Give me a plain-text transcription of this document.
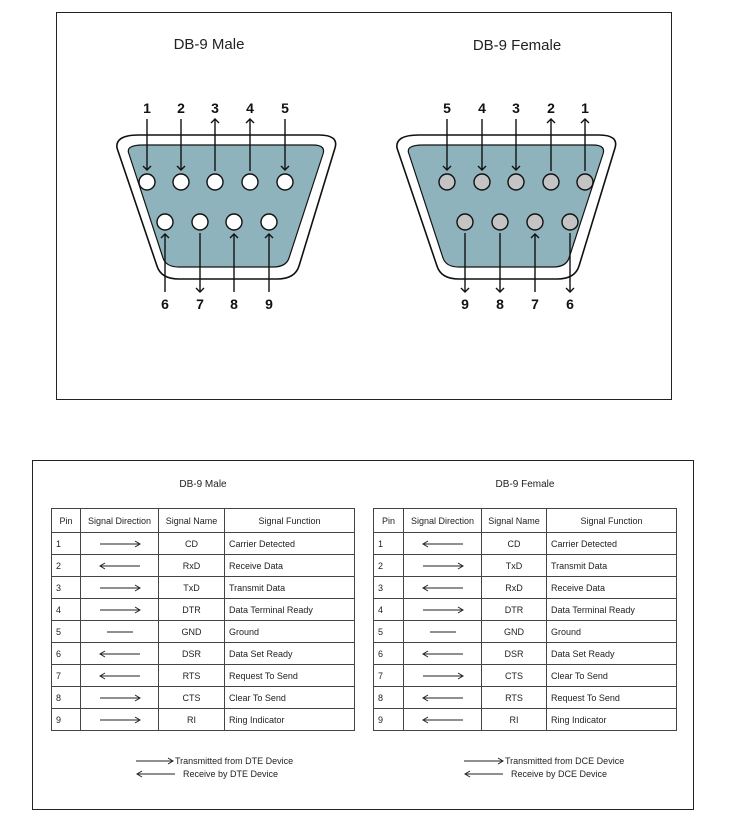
DB-9 Male	DB-9 Female
1 2 3 4 5
6 7 8 9
5 4 3 2 1
9 8 7 6
DB-9 Male
Pin	Signal Direction	Signal Name	Signal Function
1		CD	Carrier Detected
2		RxD	Receive Data
3		TxD	Transmit Data
4		DTR	Data Terminal Ready
5		GND	Ground
6		DSR	Data Set Ready
7		RTS	Request To Send
8		CTS	Clear To Send
9		RI	Ring Indicator
Transmitted from DTE Device
Receive by DTE Device
DB-9 Female
Pin	Signal Direction	Signal Name	Signal Function
1		CD	Carrier Detected
2		TxD	Transmit Data
3		RxD	Receive Data
4		DTR	Data Terminal Ready
5		GND	Ground
6		DSR	Data Set Ready
7		CTS	Clear To Send
8		RTS	Request To Send
9		RI	Ring Indicator
Transmitted from DCE Device
Receive by DCE Device
